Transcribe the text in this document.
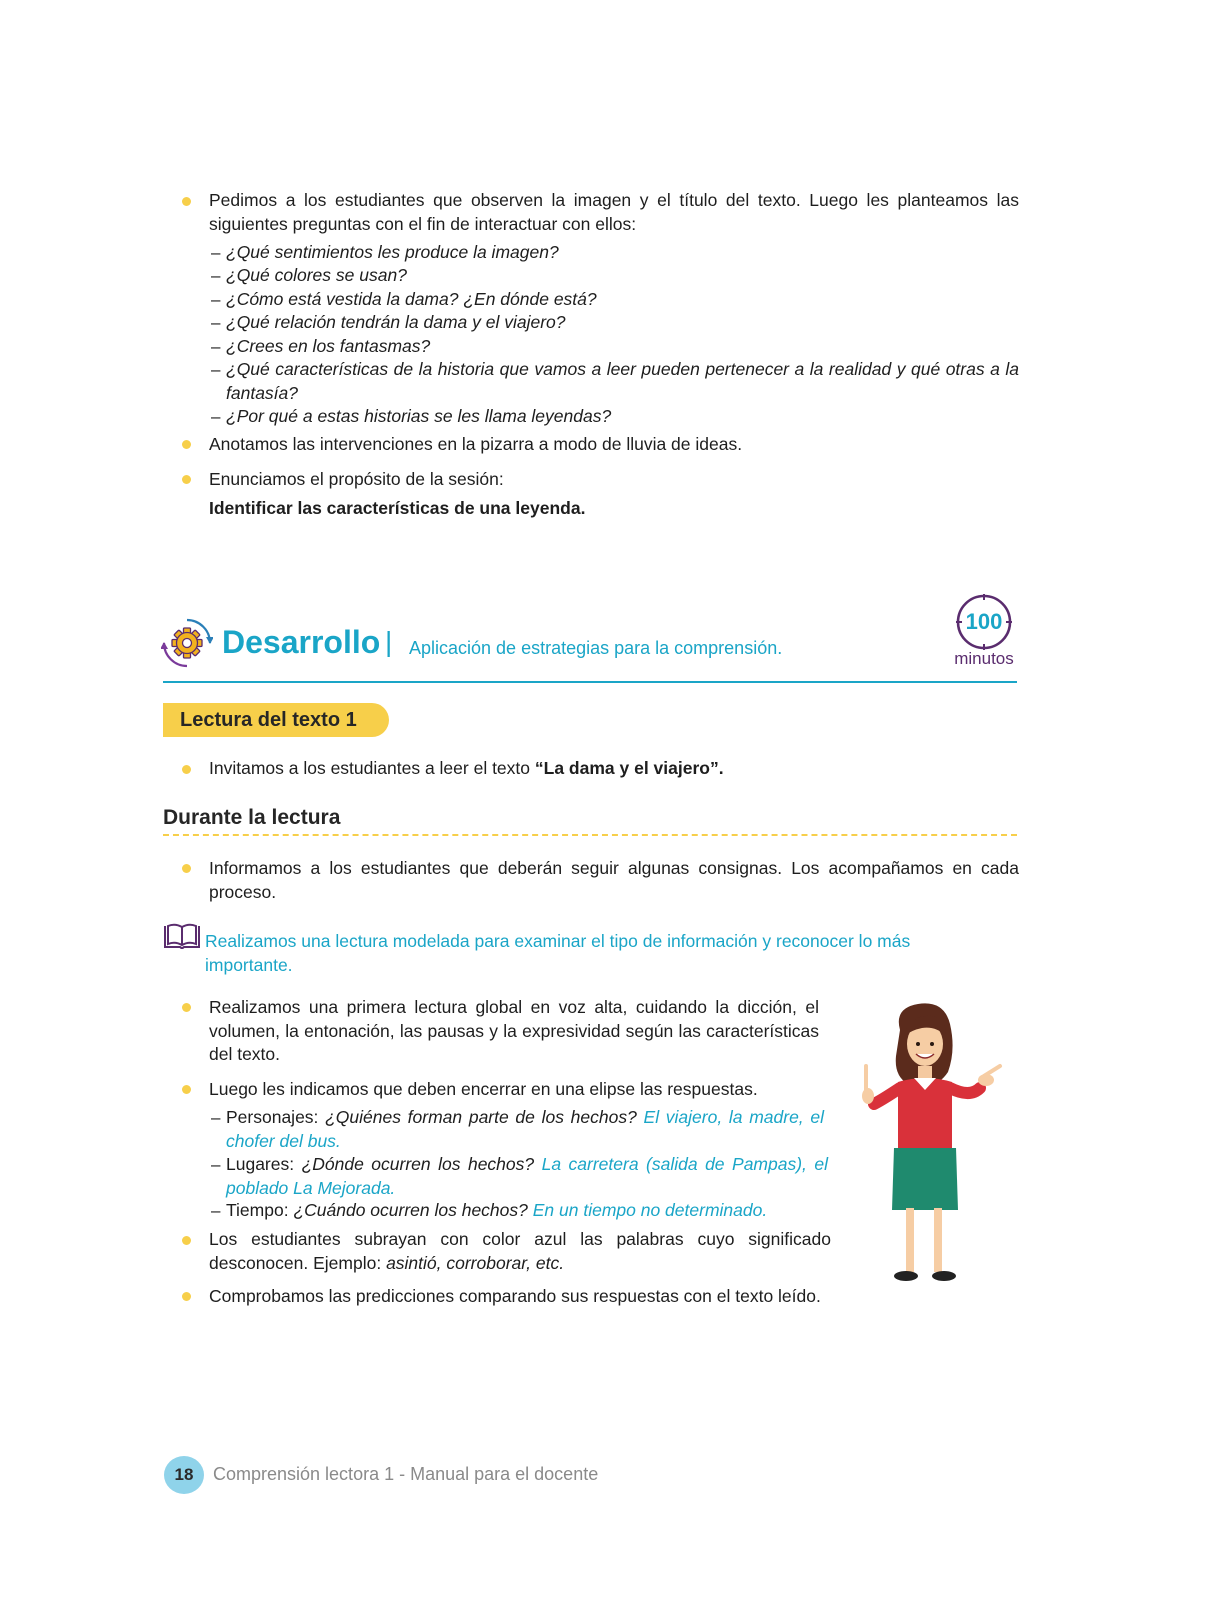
Pedimos a los estudiantes que observen la imagen y el título del texto. Luego les planteamos las siguientes preguntas con el fin de interactuar con ellos:
– ¿Qué sentimientos les produce la imagen?
– ¿Qué colores se usan?
– ¿Cómo está vestida la dama? ¿En dónde está?
– ¿Qué relación tendrán la dama y el viajero?
– ¿Crees en los fantasmas?
– ¿Qué características de la historia que vamos a leer pueden pertenecer a la realidad y qué otras a la fantasía?
– ¿Por qué a estas historias se les llama leyendas?
Anotamos las intervenciones en la pizarra a modo de lluvia de ideas.
Enunciamos el propósito de la sesión:
Identificar las características de una leyenda.
Desarrollo | Aplicación de estrategias para la comprensión.
100
minutos
Lectura del texto 1
Invitamos a los estudiantes a leer el texto “La dama y el viajero”.
Durante la lectura
Informamos a los estudiantes que deberán seguir algunas consignas. Los acompañamos en cada proceso.
Realizamos una lectura modelada para examinar el tipo de información y reconocer lo más importante.
Realizamos una primera lectura global en voz alta, cuidando la dicción, el volumen, la entonación, las pausas y la expresividad según las características del texto.
Luego les indicamos que deben encerrar en una elipse las respuestas.
– Personajes: ¿Quiénes forman parte de los hechos? El viajero, la madre, el chofer del bus.
– Lugares: ¿Dónde ocurren los hechos? La carretera (salida de Pampas), el poblado La Mejorada.
– Tiempo: ¿Cuándo ocurren los hechos? En un tiempo no determinado.
Los estudiantes subrayan con color azul las palabras cuyo significado desconocen. Ejemplo: asintió, corroborar, etc.
Comprobamos las predicciones comparando sus respuestas con el texto leído.
18	Comprensión lectora 1 - Manual para el docente
